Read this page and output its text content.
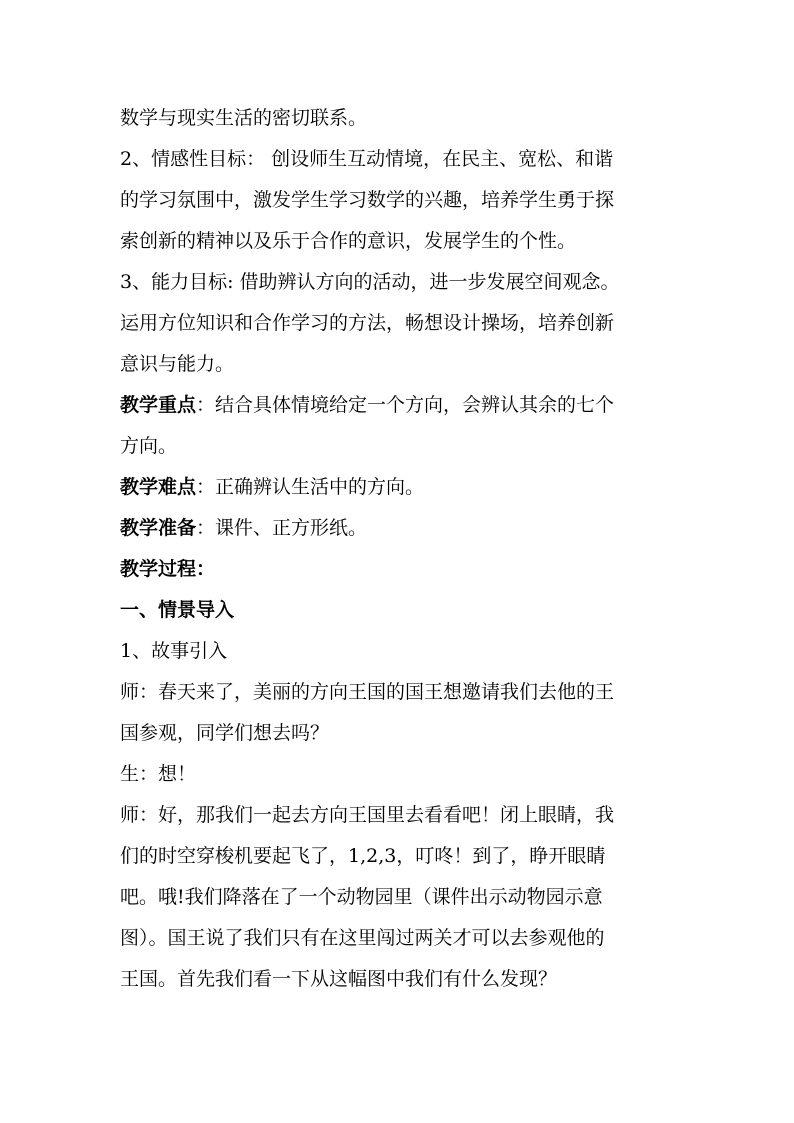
数学与现实生活的密切联系。
2、情感性目标： 创设师生互动情境，在民主、宽松、和谐
的学习氛围中，激发学生学习数学的兴趣，培养学生勇于探
索创新的精神以及乐于合作的意识，发展学生的个性。
3、能力目标: 借助辨认方向的活动，进一步发展空间观念。
运用方位知识和合作学习的方法，畅想设计操场，培养创新
意识与能力。
教学重点：结合具体情境给定一个方向，会辨认其余的七个
方向。
教学难点：正确辨认生活中的方向。
教学准备：课件、正方形纸。
教学过程：
一、情景导入
1、故事引入
师：春天来了，美丽的方向王国的国王想邀请我们去他的王
国参观，同学们想去吗？
生：想！
师：好，那我们一起去方向王国里去看看吧！闭上眼睛，我
们的时空穿梭机要起飞了，1,2,3，叮咚！到了，睁开眼睛
吧。哦!我们降落在了一个动物园里（课件出示动物园示意
图）。国王说了我们只有在这里闯过两关才可以去参观他的
王国。首先我们看一下从这幅图中我们有什么发现？
